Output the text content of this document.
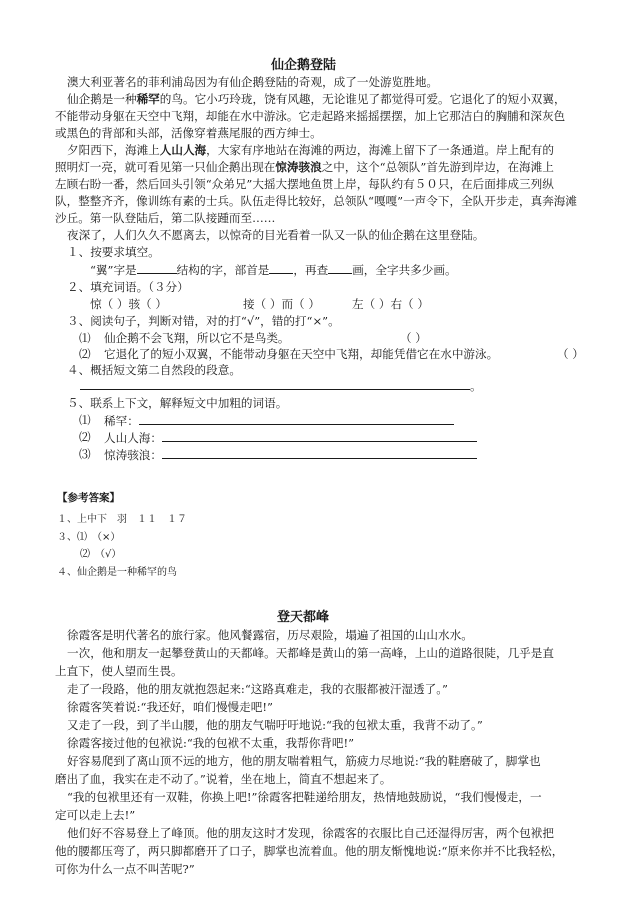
仙企鹅登陆
澳大利亚著名的菲利浦岛因为有仙企鹅登陆的奇观，成了一处游览胜地。
仙企鹅是一种稀罕的鸟。它小巧玲珑，饶有风趣，无论谁见了都觉得可爱。它退化了的短小双翼，
不能带动身躯在天空中飞翔，却能在水中游泳。它走起路来摇摇摆摆，加上它那洁白的胸脯和深灰色
或黑色的背部和头部，活像穿着燕尾服的西方绅士。
夕阳西下，海滩上人山人海，大家有序地站在海滩的两边，海滩上留下了一条通道。岸上配有的
照明灯一亮，就可看见第一只仙企鹅出现在惊涛骇浪之中，这个“总领队”首先游到岸边，在海滩上
左顾右盼一番，然后回头引领“众弟兄”大摇大摆地鱼贯上岸，每队约有５０只，在后面排成三列纵
队，整整齐齐，像训练有素的士兵。队伍走得比较好，总领队“嘎嘎”一声令下，全队开步走，真奔海滩
沙丘。第一队登陆后，第二队接踵而至……
夜深了，人们久久不愿离去，以惊奇的目光看着一队又一队的仙企鹅在这里登陆。
１、按要求填空。
“翼”字是	结构的字，部首是 ，再查 画，全字共多少画。
２、填充词语。（３分）
惊（ ）骇（ ）	接（ ）而（ ）	左（ ）右（ ）
３、阅读句子，判断对错，对的打“√”，错的打“×”。
⑴ 仙企鹅不会飞翔，所以它不是鸟类。	（ ）
⑵ 它退化了的短小双翼，不能带动身躯在天空中飞翔，却能凭借它在水中游泳。	（ ）
４、概括短文第二自然段的段意。
。
５、联系上下文，解释短文中加粗的词语。
⑴ 稀罕：
⑵ 人山人海：
⑶ 惊涛骇浪：
【参考答案】
１、上中下　羽　１１　１７
３、⑴　（×）
⑵　（√）
４、仙企鹅是一种稀罕的鸟
登天都峰
徐霞客是明代著名的旅行家。他风餐露宿，历尽艰险，塌遍了祖国的山山水水。
一次，他和朋友一起攀登黄山的天都峰。天都峰是黄山的第一高峰，上山的道路很陡，几乎是直
上直下，使人望而生畏。
走了一段路，他的朋友就抱怨起来:“这路真难走，我的衣服都被汗湿透了。”
徐霞客笑着说:“我还好，咱们慢慢走吧!”
又走了一段，到了半山腰，他的朋友气喘吁吁地说:“我的包袱太重，我背不动了。”
徐霞客接过他的包袱说:“我的包袱不太重，我帮你背吧!”
好容易爬到了离山顶不远的地方，他的朋友喘着粗气，筋疲力尽地说:“我的鞋磨破了，脚掌也
磨出了血，我实在走不动了。”说着，坐在地上，简直不想起来了。
“我的包袱里还有一双鞋，你换上吧!”徐霞客把鞋递给朋友，热情地鼓励说，“我们慢慢走，一
定可以走上去!”
他们好不容易登上了峰顶。他的朋友这时才发现，徐霞客的衣服比自己还湿得厉害，两个包袱把
他的腰都压弯了，两只脚都磨开了口子，脚掌也流着血。他的朋友惭愧地说:“原来你并不比我轻松，
可你为什么一点不叫苦呢?”
